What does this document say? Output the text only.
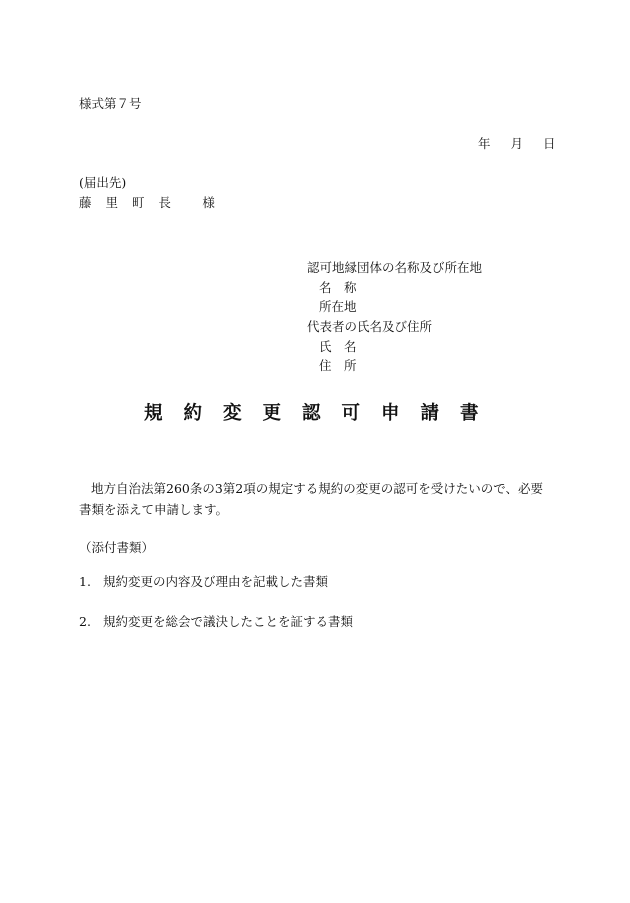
様式第７号
年 月 日
(届出先)
藤 里 町 長　 様
認可地縁団体の名称及び所在地
名　称
所在地
代表者の氏名及び住所
氏　名
住　所
規約変更認可申請書
地方自治法第260条の3第2項の規定する規約の変更の認可を受けたいので、必要書類を添えて申請します。
（添付書類）
1. 規約変更の内容及び理由を記載した書類
2. 規約変更を総会で議決したことを証する書類
